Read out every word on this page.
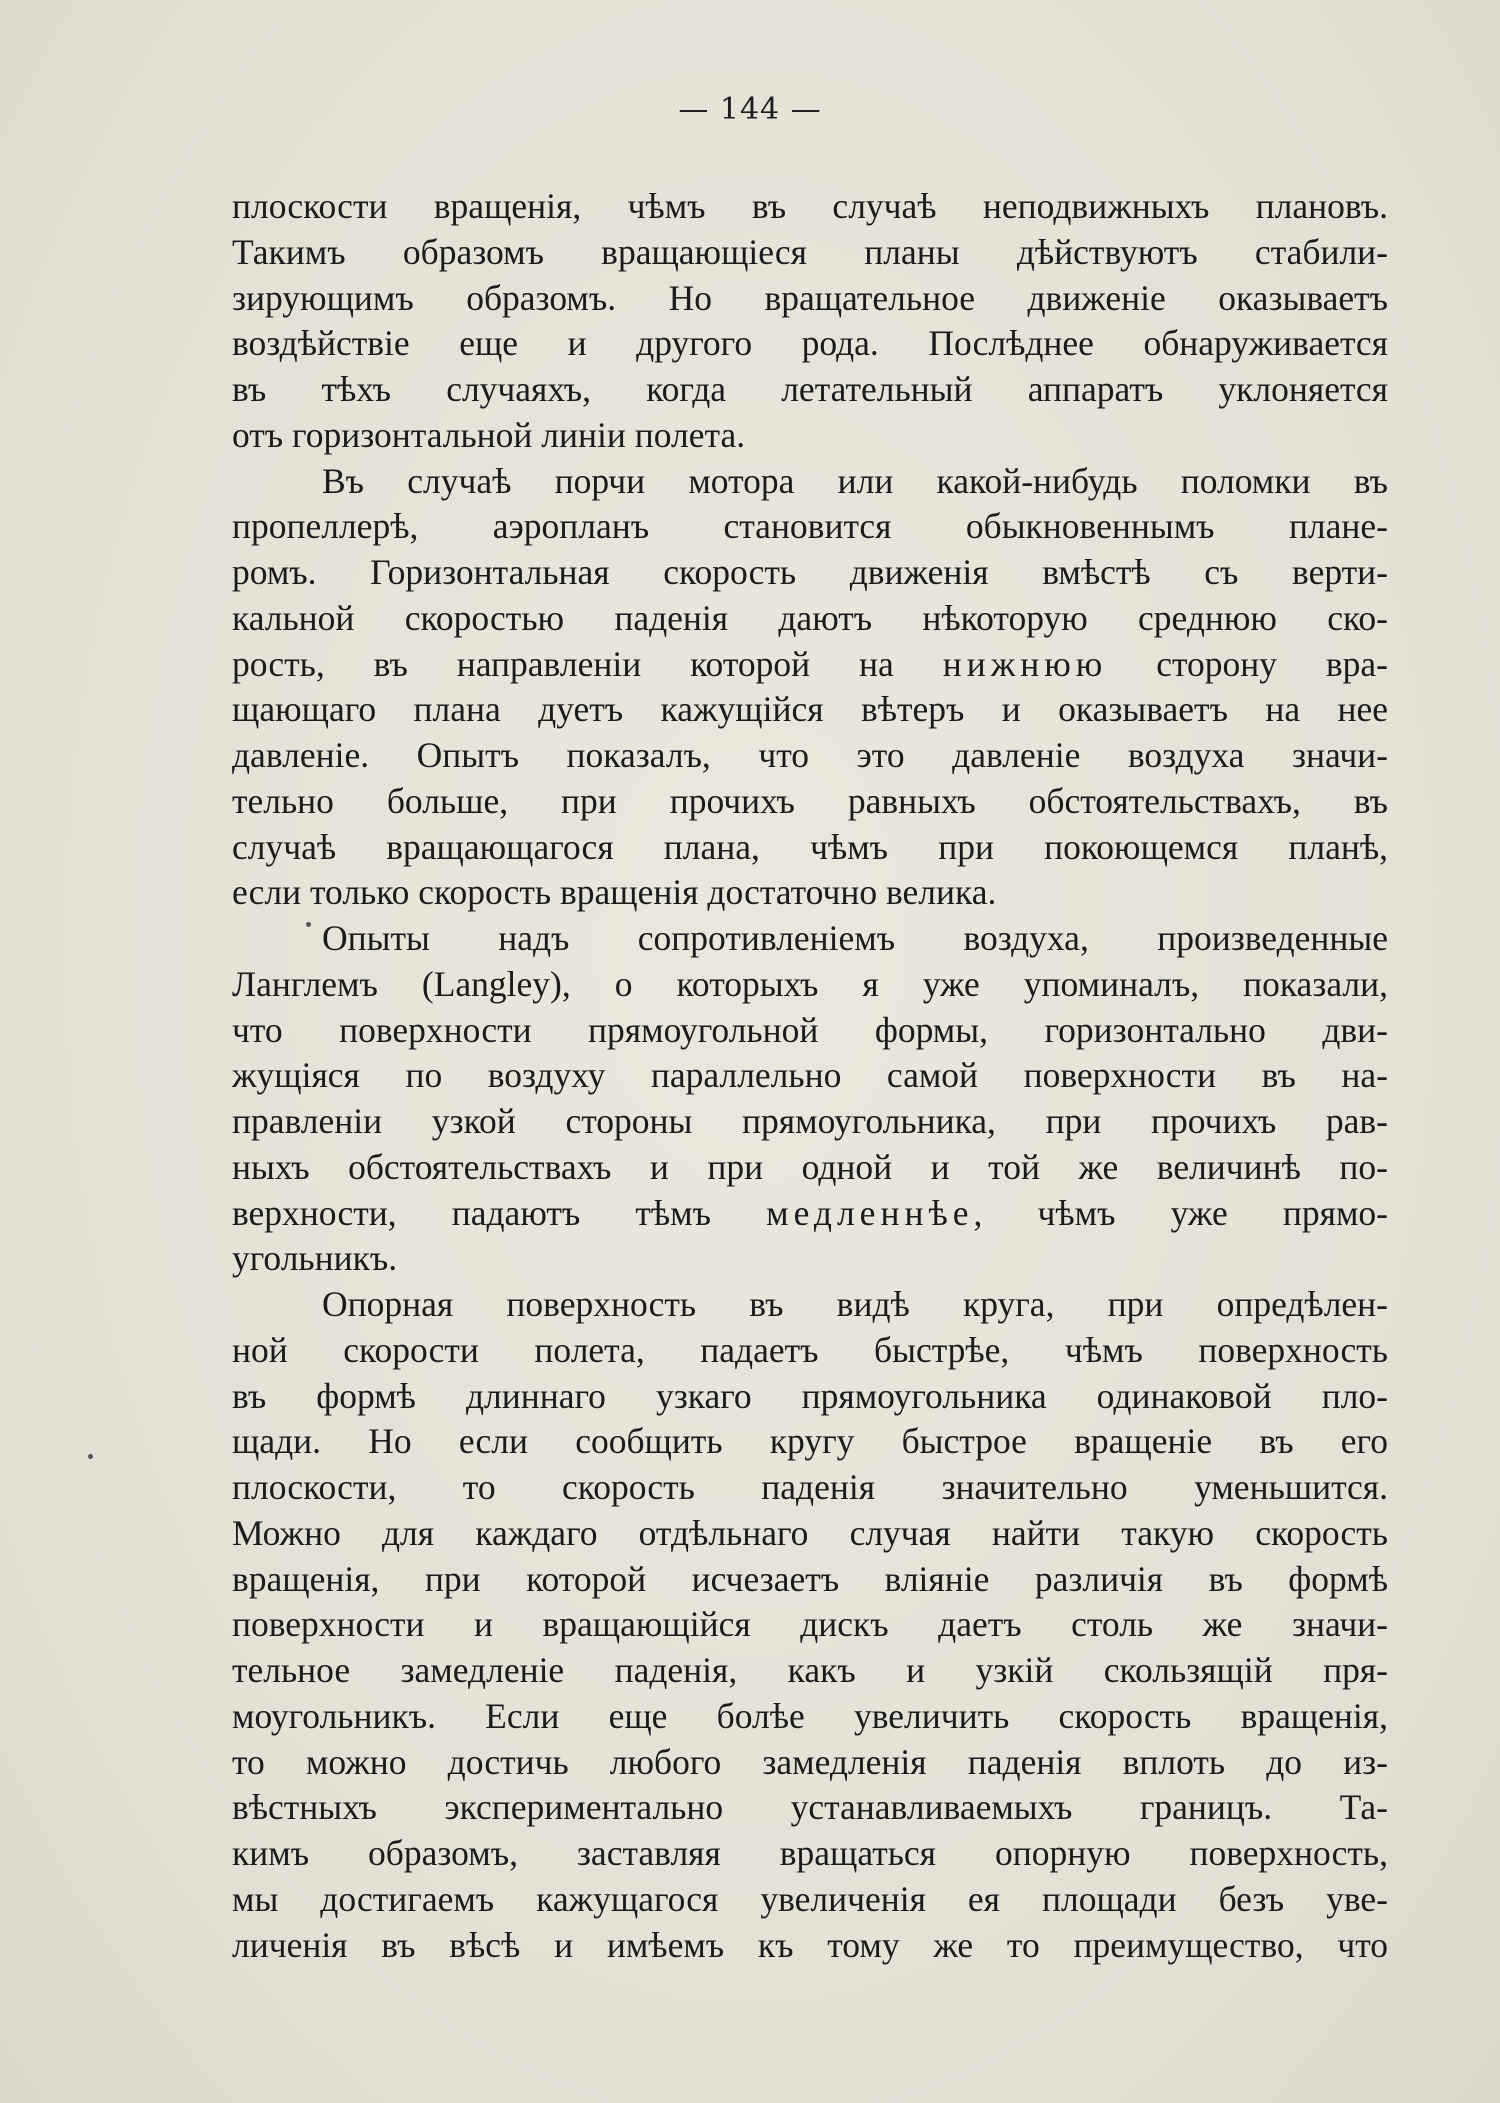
— 144 —
плоскости вращенія, чѣмъ въ случаѣ неподвижныхъ плановъ.
Такимъ образомъ вращающіеся планы дѣйствуютъ стабили-
зирующимъ образомъ. Но вращательное движеніе оказываетъ
воздѣйствіе еще и другого рода. Послѣднее обнаруживается
въ тѣхъ случаяхъ, когда летательный аппаратъ уклоняется
отъ горизонтальной линіи полета.
Въ случаѣ порчи мотора или какой-нибудь поломки въ
пропеллерѣ, аэропланъ становится обыкновеннымъ плане-
ромъ. Горизонтальная скорость движенія вмѣстѣ съ верти-
кальной скоростью паденія даютъ нѣкоторую среднюю ско-
рость, въ направленіи которой на нижнюю сторону вра-
щающаго плана дуетъ кажущійся вѣтеръ и оказываетъ на нее
давленіе. Опытъ показалъ, что это давленіе воздуха значи-
тельно больше, при прочихъ равныхъ обстоятельствахъ, въ
случаѣ вращающагося плана, чѣмъ при покоющемся планѣ,
если только скорость вращенія достаточно велика.
Опыты надъ сопротивленіемъ воздуха, произведенные
Ланглемъ (Langley), о которыхъ я уже упоминалъ, показали,
что поверхности прямоугольной формы, горизонтально дви-
жущіяся по воздуху параллельно самой поверхности въ на-
правленіи узкой стороны прямоугольника, при прочихъ рав-
ныхъ обстоятельствахъ и при одной и той же величинѣ по-
верхности, падаютъ тѣмъ медленнѣе, чѣмъ уже прямо-
угольникъ.
Опорная поверхность въ видѣ круга, при опредѣлен-
ной скорости полета, падаетъ быстрѣе, чѣмъ поверхность
въ формѣ длиннаго узкаго прямоугольника одинаковой пло-
щади. Но если сообщить кругу быстрое вращеніе въ его
плоскости, то скорость паденія значительно уменьшится.
Можно для каждаго отдѣльнаго случая найти такую скорость
вращенія, при которой исчезаетъ вліяніе различія въ формѣ
поверхности и вращающійся дискъ даетъ столь же значи-
тельное замедленіе паденія, какъ и узкій скользящій пря-
моугольникъ. Если еще болѣе увеличить скорость вращенія,
то можно достичь любого замедленія паденія вплоть до из-
вѣстныхъ экспериментально устанавливаемыхъ границъ. Та-
кимъ образомъ, заставляя вращаться опорную поверхность,
мы достигаемъ кажущагося увеличенія ея площади безъ уве-
личенія въ вѣсѣ и имѣемъ къ тому же то преимущество, что
